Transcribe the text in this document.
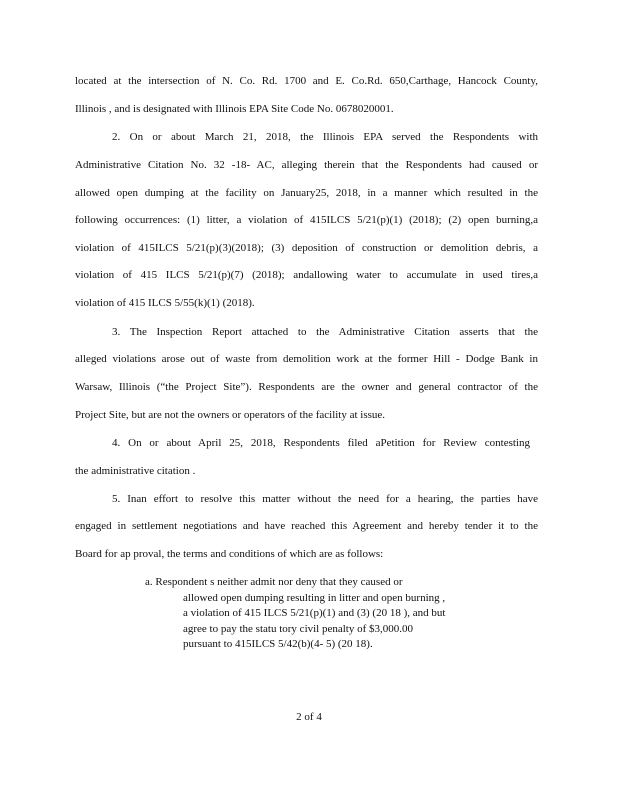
located at the intersection of N. Co. Rd. 1700 and E. Co.Rd. 650,Carthage, Hancock County,
Illinois , and is designated with Illinois EPA Site Code No. 0678020001.
2. On or about March 21, 2018, the Illinois EPA served the Respondents with
Administrative Citation No. 32 -18- AC, alleging therein that the Respondents had caused or
allowed open dumping at the facility on January25, 2018, in a manner which resulted in the
following occurrences: (1) litter, a violation of 415ILCS 5/21(p)(1) (2018); (2) open burning,a
violation of 415ILCS 5/21(p)(3)(2018); (3) deposition of construction or demolition debris, a
violation of 415 ILCS 5/21(p)(7) (2018); andallowing water to accumulate in used tires,a
violation of 415 ILCS 5/55(k)(1) (2018).
3. The Inspection Report attached to the Administrative Citation asserts that the
alleged violations arose out of waste from demolition work at the former Hill - Dodge Bank in
Warsaw, Illinois (“the Project Site”). Respondents are the owner and general contractor of the
Project Site, but are not the owners or operators of the facility at issue.
4. On or about April 25, 2018, Respondents filed aPetition for Review contesting
the administrative citation .
5. Inan effort to resolve this matter without the need for a hearing, the parties have
engaged in settlement negotiations and have reached this Agreement and hereby tender it to the
Board for ap proval, the terms and conditions of which are as follows:
a. Respondent s neither admit nor deny that they caused or
allowed open dumping resulting in litter and open burning ,
a violation of 415 ILCS 5/21(p)(1) and (3) (20 18 ), and but
agree to pay the statu tory civil penalty of $3,000.00
pursuant to 415ILCS 5/42(b)(4- 5) (20 18).
2 of 4
